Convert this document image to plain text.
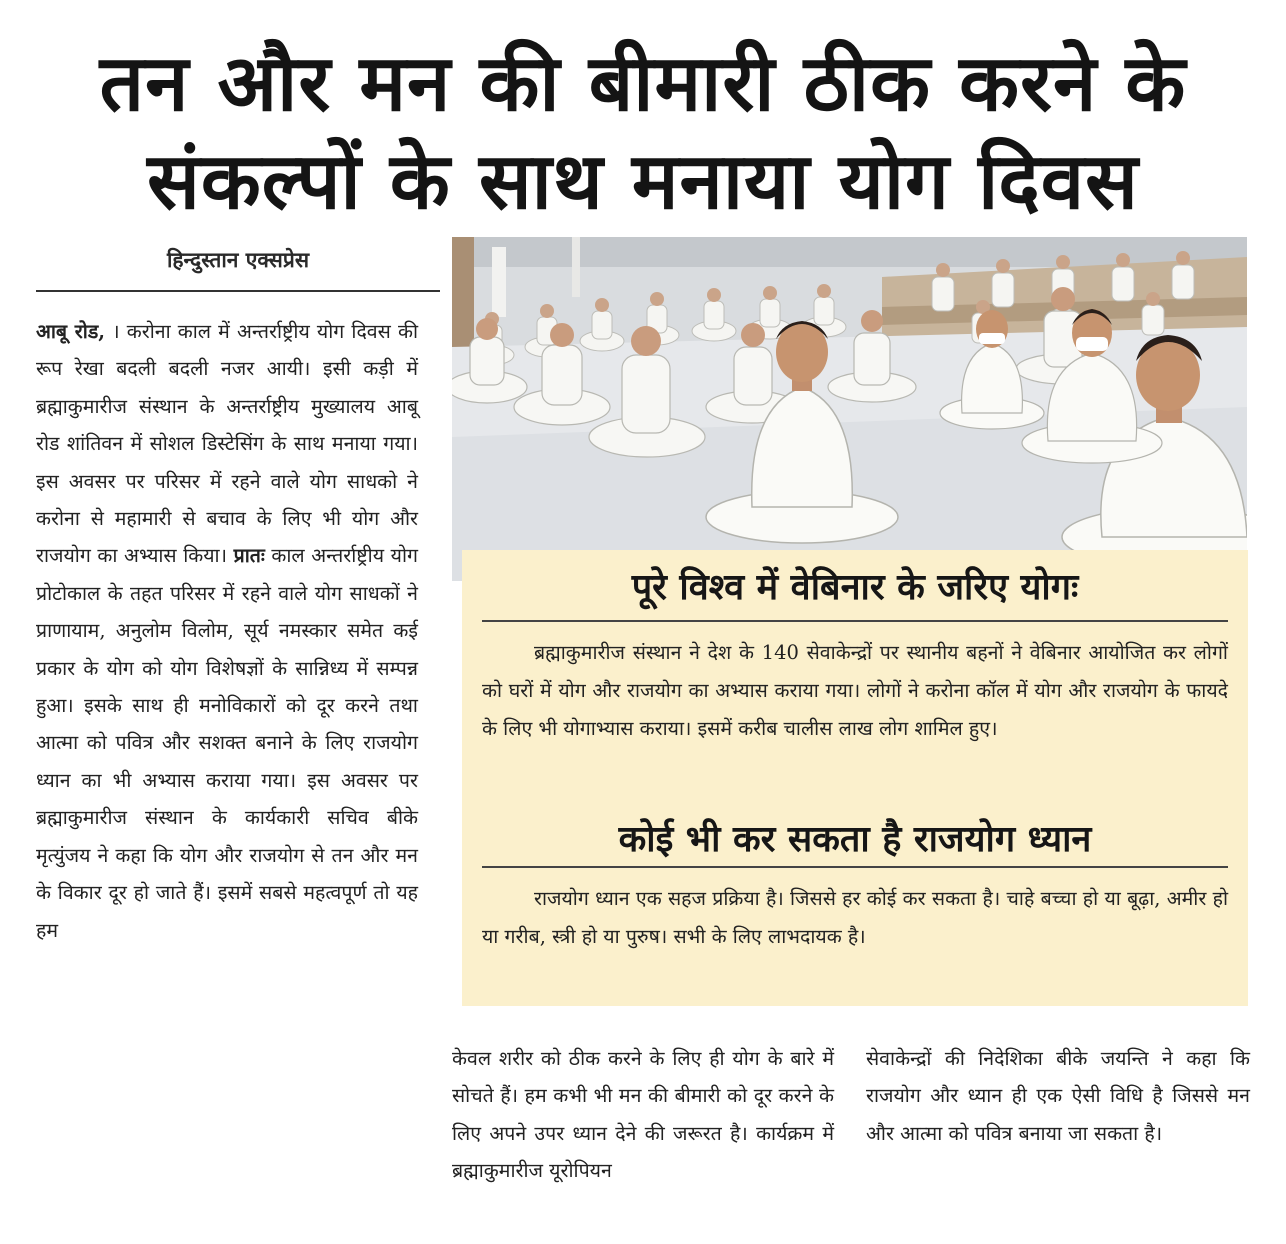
तन और मन की बीमारी ठीक करने के
संकल्पों के साथ मनाया योग दिवस
हिन्दुस्तान एक्सप्रेस
आबू रोड, । करोना काल में अन्तर्राष्ट्रीय योग दिवस की रूप रेखा बदली बदली नजर आयी। इसी कड़ी में ब्रह्माकुमारीज संस्थान के अन्तर्राष्ट्रीय मुख्यालय आबू रोड शांतिवन में सोशल डिस्टेसिंग के साथ मनाया गया। इस अवसर पर परिसर में रहने वाले योग साधको ने करोना से महामारी से बचाव के लिए भी योग और राजयोग का अभ्यास किया। प्रातः काल अन्तर्राष्ट्रीय योग प्रोटोकाल के तहत परिसर में रहने वाले योग साधकों ने प्राणायाम, अनुलोम विलोम, सूर्य नमस्कार समेत कई प्रकार के योग को योग विशेषज्ञों के सान्निध्य में सम्पन्न हुआ। इसके साथ ही मनोविकारों को दूर करने तथा आत्मा को पवित्र और सशक्त बनाने के लिए राजयोग ध्यान का भी अभ्यास कराया गया। इस अवसर पर ब्रह्माकुमारीज संस्थान के कार्यकारी सचिव बीके मृत्युंजय ने कहा कि योग और राजयोग से तन और मन के विकार दूर हो जाते हैं। इसमें सबसे महत्वपूर्ण तो यह हम
पूरे विश्व में वेबिनार के जरिए योगः
ब्रह्माकुमारीज संस्थान ने देश के 140 सेवाकेन्द्रों पर स्थानीय बहनों ने वेबिनार आयोजित कर लोगों को घरों में योग और राजयोग का अभ्यास कराया गया। लोगों ने करोना कॉल में योग और राजयोग के फायदे के लिए भी योगाभ्यास कराया। इसमें करीब चालीस लाख लोग शामिल हुए।
कोई भी कर सकता है राजयोग ध्यान
राजयोग ध्यान एक सहज प्रक्रिया है। जिससे हर कोई कर सकता है। चाहे बच्चा हो या बूढ़ा, अमीर हो या गरीब, स्त्री हो या पुरुष। सभी के लिए लाभदायक है।
केवल शरीर को ठीक करने के लिए ही योग के बारे में सोचते हैं। हम कभी भी मन की बीमारी को दूर करने के लिए अपने उपर ध्यान देने की जरूरत है। कार्यक्रम में ब्रह्माकुमारीज यूरोपियन
सेवाकेन्द्रों की निदेशिका बीके जयन्ति ने कहा कि राजयोग और ध्यान ही एक ऐसी विधि है जिससे मन और आत्मा को पवित्र बनाया जा सकता है।
